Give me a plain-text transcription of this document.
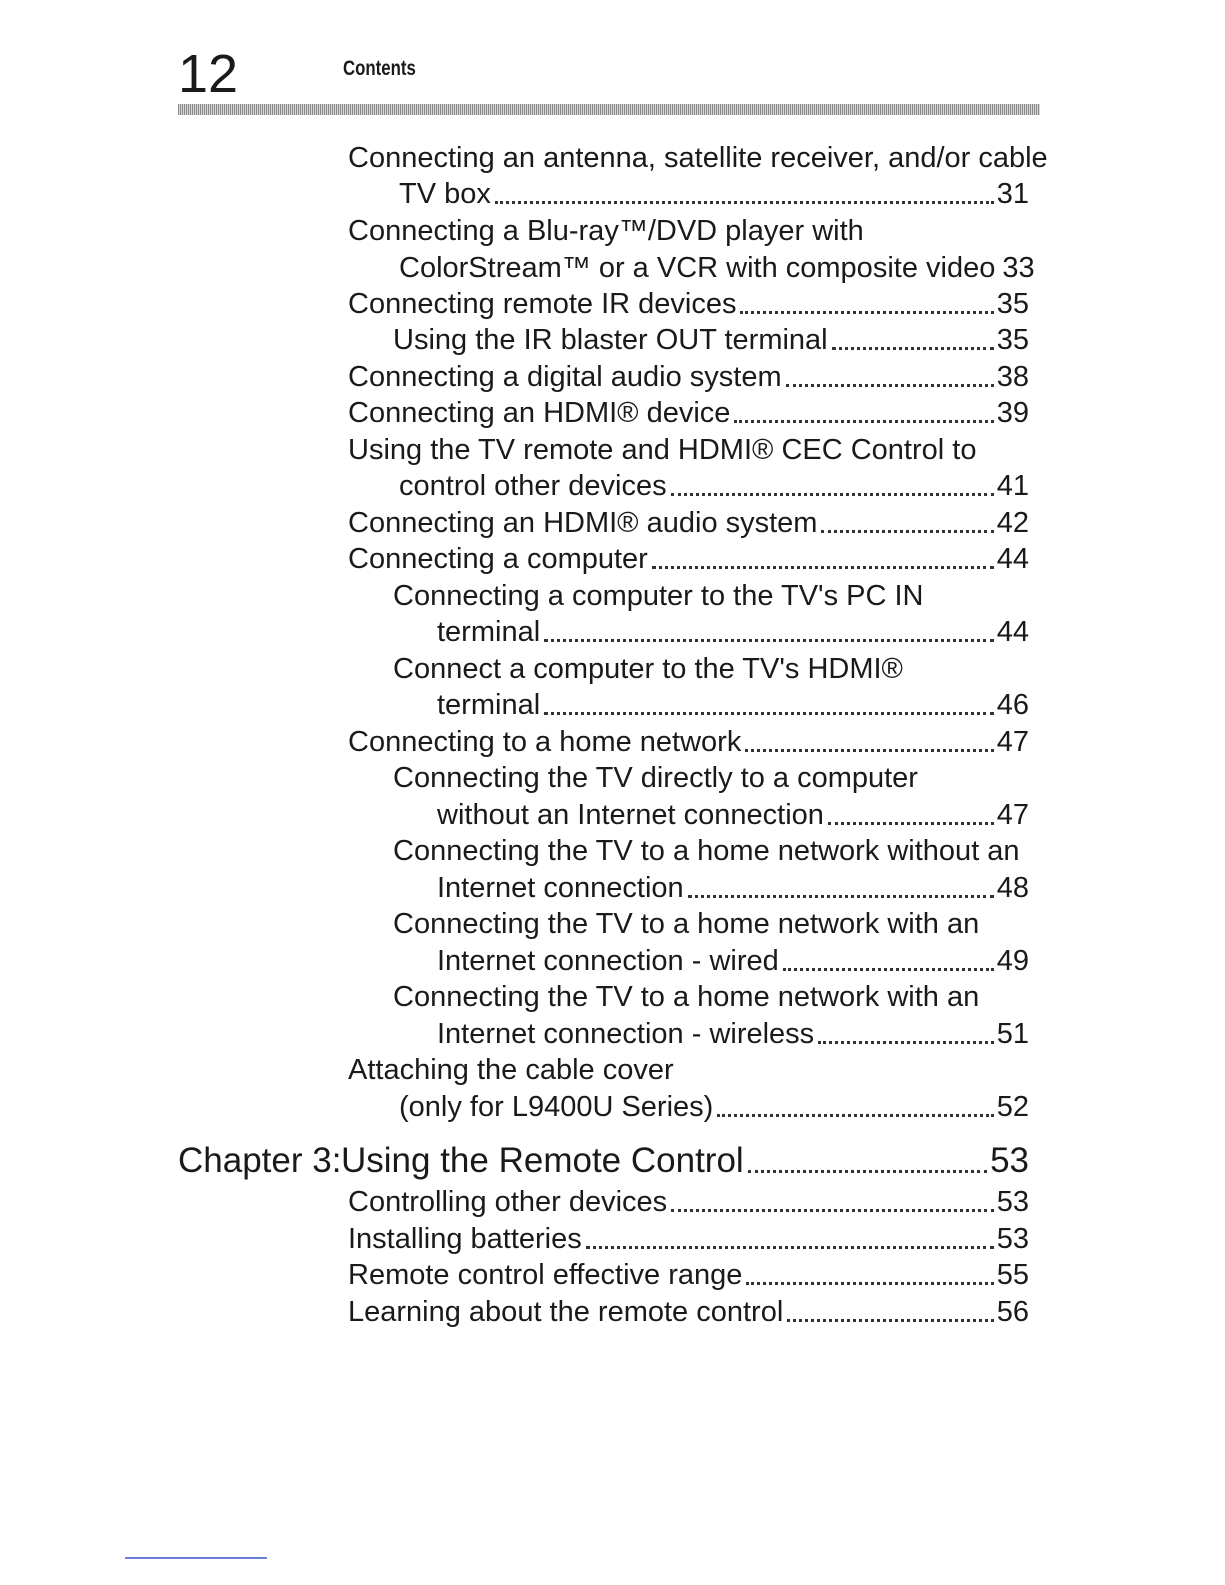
12	Contents
Connecting an antenna, satellite receiver, and/or cable
TV box	31
Connecting a Blu-ray™/DVD player with
ColorStream™ or a VCR with composite video 33
Connecting remote IR devices	35
Using the IR blaster OUT terminal	35
Connecting a digital audio system	38
Connecting an HDMI® device	39
Using the TV remote and HDMI® CEC Control to
control other devices	41
Connecting an HDMI® audio system	42
Connecting a computer	44
Connecting a computer to the TV's PC IN
terminal	44
Connect a computer to the TV's HDMI®
terminal	46
Connecting to a home network	47
Connecting the TV directly to a computer
without an Internet connection	47
Connecting the TV to a home network without an
Internet connection	48
Connecting the TV to a home network with an
Internet connection - wired	49
Connecting the TV to a home network with an
Internet connection - wireless	51
Attaching the cable cover
(only for L9400U Series)	52
Chapter 3: Using the Remote Control	53
Controlling other devices	53
Installing batteries	53
Remote control effective range	55
Learning about the remote control	56
